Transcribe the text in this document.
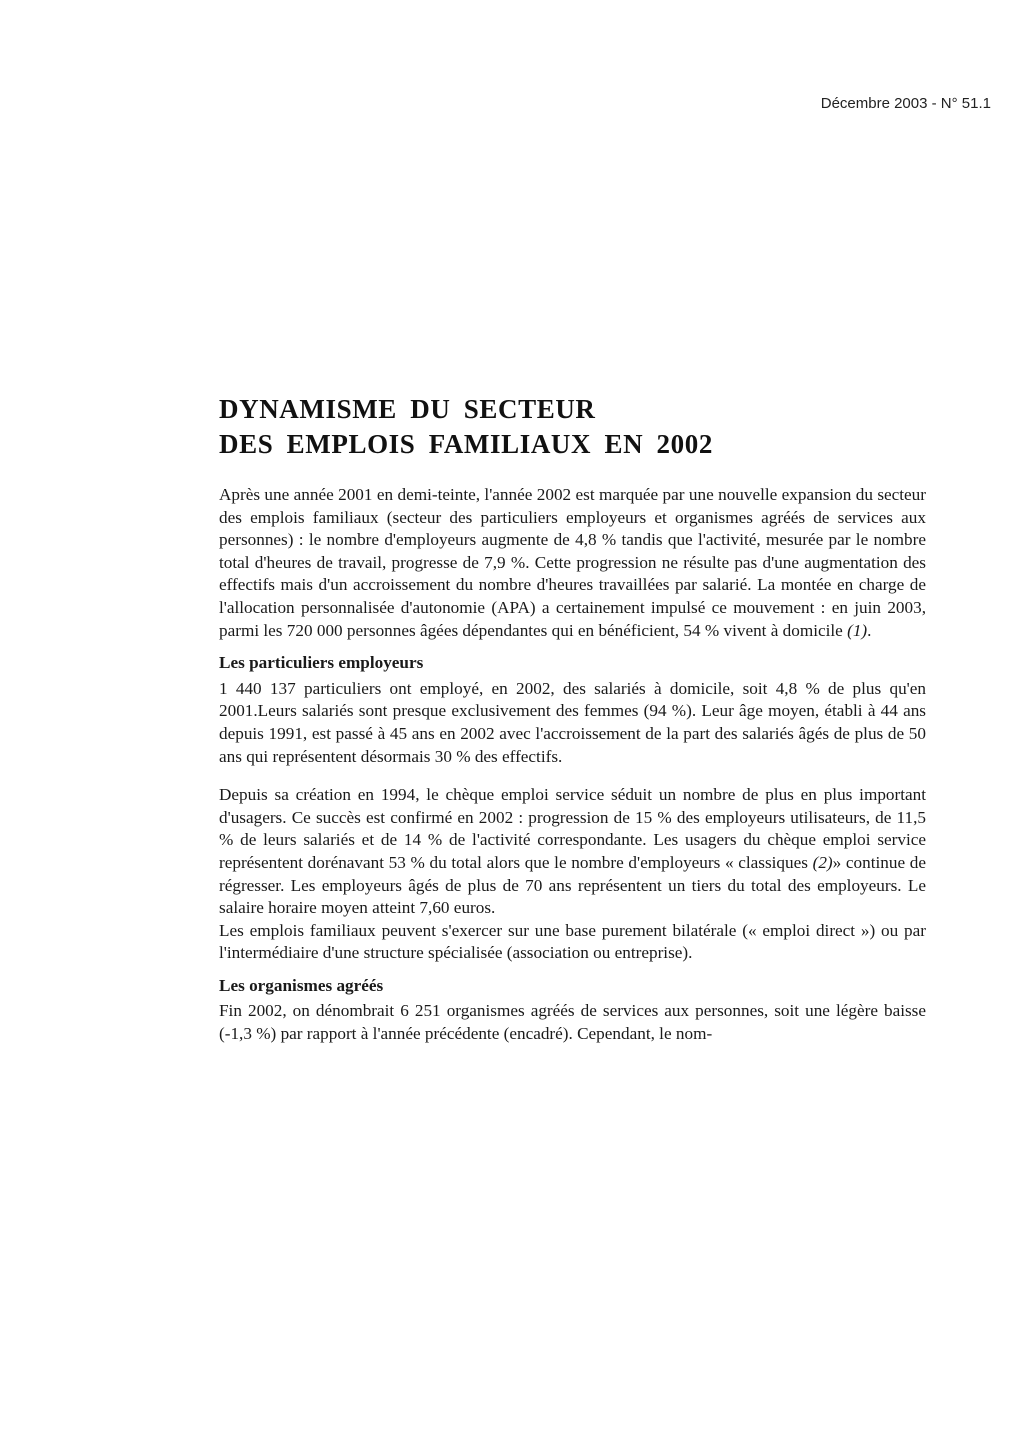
Décembre 2003 - N° 51.1
DYNAMISME DU SECTEUR
DES EMPLOIS FAMILIAUX EN 2002

Après une année 2001 en demi-teinte, l'année 2002 est marquée par une nouvelle expansion du secteur des emplois familiaux (secteur des particuliers employeurs et organismes agréés de services aux personnes) : le nombre d'employeurs augmente de 4,8 % tandis que l'activité, mesurée par le nombre total d'heures de travail, progresse de 7,9 %. Cette progression ne résulte pas d'une augmentation des effectifs mais d'un accroissement du nombre d'heures travaillées par salarié. La montée en charge de l'allocation personnalisée d'autonomie (APA) a certainement impulsé ce mouvement : en juin 2003, parmi les 720 000 personnes âgées dépendantes qui en bénéficient, 54 % vivent à domicile (1).

Les particuliers employeurs

1 440 137 particuliers ont employé, en 2002, des salariés à domicile, soit 4,8 % de plus qu'en 2001.Leurs salariés sont presque exclusivement des femmes (94 %). Leur âge moyen, établi à 44 ans depuis 1991, est passé à 45 ans en 2002 avec l'accroissement de la part des salariés âgés de plus de 50 ans qui représentent désormais 30 % des effectifs.

Depuis sa création en 1994, le chèque emploi service séduit un nombre de plus en plus important d'usagers. Ce succès est confirmé en 2002 : progression de 15 % des employeurs utilisateurs, de 11,5 % de leurs salariés et de 14 % de l'activité correspondante. Les usagers du chèque emploi service représentent dorénavant 53 % du total alors que le nombre d'employeurs « classiques (2)» continue de régresser. Les employeurs âgés de plus de 70 ans représentent un tiers du total des employeurs. Le salaire horaire moyen atteint 7,60 euros.

Les emplois familiaux peuvent s'exercer sur une base purement bilatérale (« emploi direct ») ou par l'intermédiaire d'une structure spécialisée (association ou entreprise).

Les organismes agréés

Fin 2002, on dénombrait 6 251 organismes agréés de services aux personnes, soit une légère baisse (-1,3 %) par rapport à l'année précédente (encadré). Cependant, le nom-
